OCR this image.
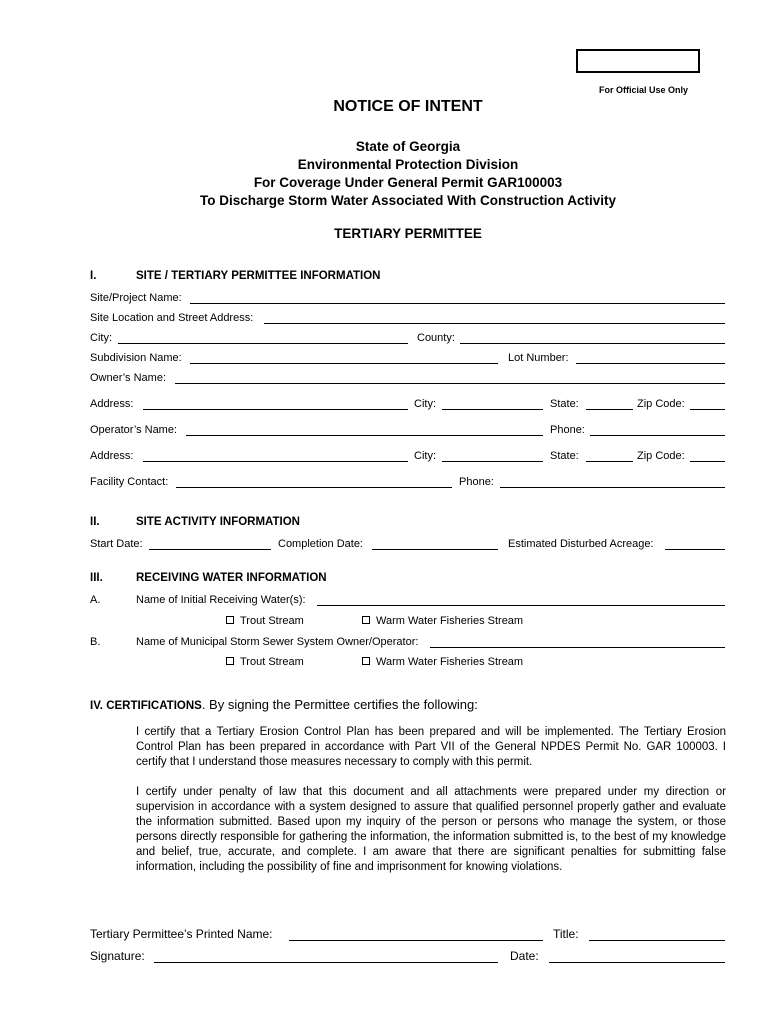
For Official Use Only
NOTICE OF INTENT
State of Georgia
Environmental Protection Division
For Coverage Under General Permit GAR100003
To Discharge Storm Water Associated With Construction Activity
TERTIARY PERMITTEE
I.	SITE / TERTIARY PERMITTEE INFORMATION
Site/Project Name:
Site Location and Street Address:
City:	County:
Subdivision Name:	Lot Number:
Owner’s Name:
Address:	City:	State:	Zip Code:
Operator’s Name:	Phone:
Address:	City:	State:	Zip Code:
Facility Contact:	Phone:
II.	SITE ACTIVITY INFORMATION
Start Date:	Completion Date:	Estimated Disturbed Acreage:
III.	RECEIVING WATER INFORMATION
A.	Name of Initial Receiving Water(s):
Trout Stream	Warm Water Fisheries Stream
B.	Name of Municipal Storm Sewer System Owner/Operator:
Trout Stream	Warm Water Fisheries Stream
IV. CERTIFICATIONS. By signing the Permittee certifies the following:
I certify that a Tertiary Erosion Control Plan has been prepared and will be implemented. The Tertiary Erosion Control Plan has been prepared in accordance with Part VII of the General NPDES Permit No. GAR 100003. I certify that I understand those measures necessary to comply with this permit.
I certify under penalty of law that this document and all attachments were prepared under my direction or supervision in accordance with a system designed to assure that qualified personnel properly gather and evaluate the information submitted. Based upon my inquiry of the person or persons who manage the system, or those persons directly responsible for gathering the information, the information submitted is, to the best of my knowledge and belief, true, accurate, and complete. I am aware that there are significant penalties for submitting false information, including the possibility of fine and imprisonment for knowing violations.
Tertiary Permittee’s Printed Name:	Title:
Signature:	Date:
